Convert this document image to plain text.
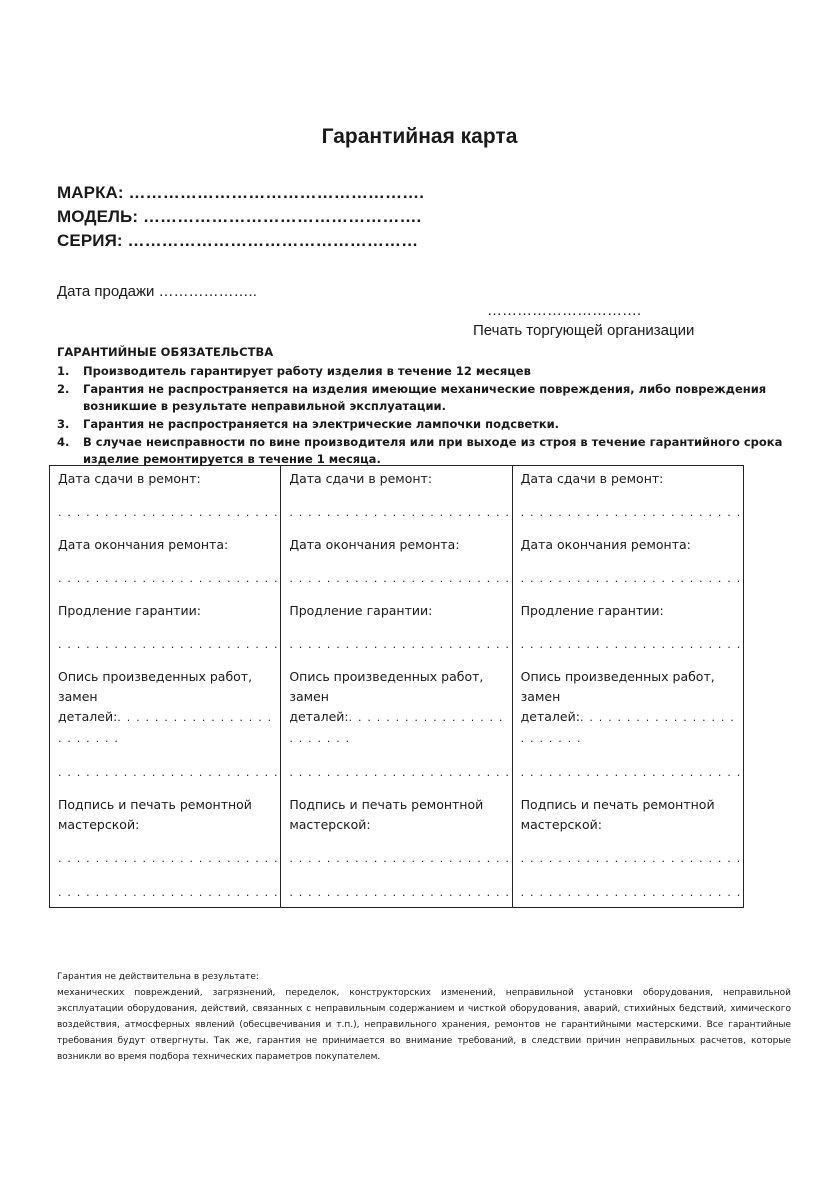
Гарантийная карта
МАРКА: …………………………………………….
МОДЕЛЬ: ………………………………………….
СЕРИЯ: ……………………………………………
Дата продажи ………………..
………………………….
Печать торгующей организации
ГАРАНТИЙНЫЕ ОБЯЗАТЕЛЬСТВА
1. Производитель гарантирует работу изделия в течение 12 месяцев
2. Гарантия не распространяется на изделия имеющие механические повреждения, либо повреждения возникшие в результате неправильной эксплуатации.
3. Гарантия не распространяется на электрические лампочки подсветки.
4. В случае неисправности по вине производителя или при выходе из строя в течение гарантийного срока изделие ремонтируется в течение 1 месяца.
Дата сдачи в ремонт:
. . . . . . . . . . . . . . . . . . . . . . . .
Дата окончания ремонта:
. . . . . . . . . . . . . . . . . . . . . . . .
Продление гарантии:
. . . . . . . . . . . . . . . . . . . . . . . .
Опись произведенных работ, замен
деталей:. . . . . . . . . . . . . . . . . . . . . . . .
. . . . . . . . . . . . . . . . . . . . . . . .
Подпись и печать ремонтной
мастерской:
. . . . . . . . . . . . . . . . . . . . . . . .
. . . . . . . . . . . . . . . . . . . . . . . .
Дата сдачи в ремонт:
. . . . . . . . . . . . . . . . . . . . . . . .
Дата окончания ремонта:
. . . . . . . . . . . . . . . . . . . . . . . .
Продление гарантии:
. . . . . . . . . . . . . . . . . . . . . . . .
Опись произведенных работ, замен
деталей:. . . . . . . . . . . . . . . . . . . . . . . .
. . . . . . . . . . . . . . . . . . . . . . . .
Подпись и печать ремонтной
мастерской:
. . . . . . . . . . . . . . . . . . . . . . . .
. . . . . . . . . . . . . . . . . . . . . . . .
Дата сдачи в ремонт:
. . . . . . . . . . . . . . . . . . . . . . . .
Дата окончания ремонта:
. . . . . . . . . . . . . . . . . . . . . . . .
Продление гарантии:
. . . . . . . . . . . . . . . . . . . . . . . .
Опись произведенных работ, замен
деталей:. . . . . . . . . . . . . . . . . . . . . . . .
. . . . . . . . . . . . . . . . . . . . . . . .
Подпись и печать ремонтной
мастерской:
. . . . . . . . . . . . . . . . . . . . . . . .
. . . . . . . . . . . . . . . . . . . . . . . .
Гарантия не действительна в результате:
механических повреждений, загрязнений, переделок, конструкторских изменений, неправильной установки оборудования, неправильной эксплуатации оборудования, действий, связанных с неправильным содержанием и чисткой оборудования, аварий, стихийных бедствий, химического воздействия, атмосферных явлений (обесцвечивания и т.п.), неправильного хранения, ремонтов не гарантийными мастерскими. Все гарантийные требования будут отвергнуты. Так же, гарантия не принимается во внимание требований, в следствии причин неправильных расчетов, которые возникли во время подбора технических параметров покупателем.
